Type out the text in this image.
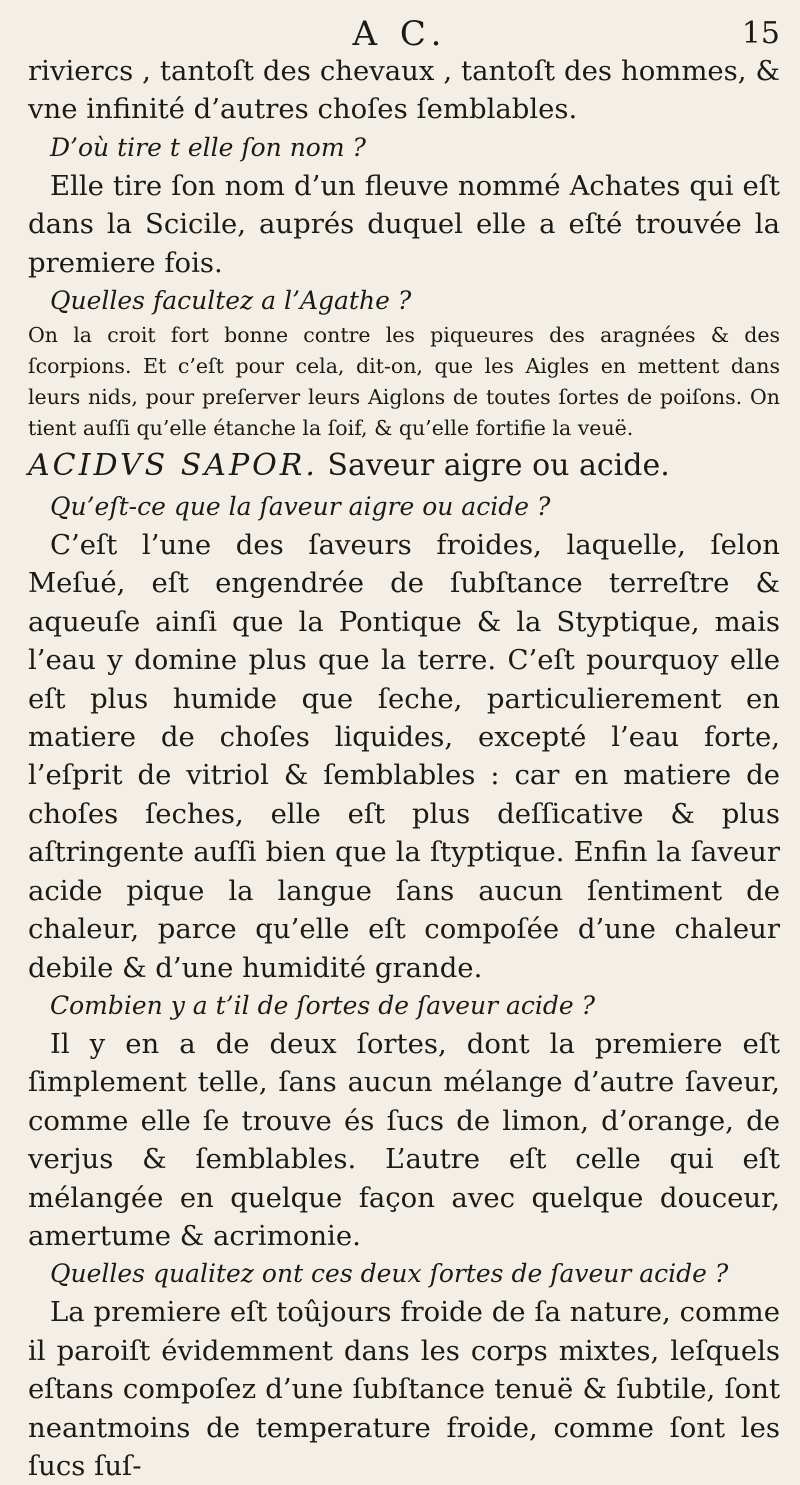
A C.	15

riviercs , tantoſt des chevaux , tantoſt des hommes, & vne infinité d’autres choſes ſemblables.

D’où tire t elle ſon nom ?

Elle tire ſon nom d’un fleuve nommé Achates qui eſt dans la Scicile, auprés duquel elle a eſté trouvée la premiere fois.

Quelles facultez a l’Agathe ?

On la croit fort bonne contre les piqueures des aragnées & des ſcorpions. Et c’eſt pour cela, dit-on, que les Aigles en mettent dans leurs nids, pour preſerver leurs Aiglons de toutes ſortes de poiſons. On tient auſſi qu’elle étanche la ſoif, & qu’elle fortifie la veuë.

ACIDVS SAPOR. Saveur aigre ou acide.

Qu’eſt-ce que la ſaveur aigre ou acide ?

C’eſt l’une des ſaveurs froides, laquelle, ſelon Meſué, eſt engendrée de ſubſtance terreſtre & aqueuſe ainſi que la Pontique & la Styptique, mais l’eau y domine plus que la terre. C’eſt pourquoy elle eſt plus humide que ſeche, particulierement en matiere de choſes liquides, excepté l’eau forte, l’eſprit de vitriol & ſemblables : car en matiere de choſes ſeches, elle eſt plus deſſicative & plus aſtringente auſſi bien que la ſtyptique. Enfin la ſaveur acide pique la langue ſans aucun ſentiment de chaleur, parce qu’elle eſt compoſée d’une chaleur debile & d’une humidité grande.

Combien y a t’il de ſortes de ſaveur acide ?

Il y en a de deux ſortes, dont la premiere eſt ſimplement telle, ſans aucun mélange d’autre ſaveur, comme elle ſe trouve és ſucs de limon, d’orange, de verjus & ſemblables. L’autre eſt celle qui eſt mélangée en quelque façon avec quelque douceur, amertume & acrimonie.

Quelles qualitez ont ces deux ſortes de ſaveur acide ?

La premiere eſt toûjours froide de ſa nature, comme il paroiſt évidemment dans les corps mixtes, leſquels eſtans compoſez d’une ſubſtance tenuë & ſubtile, ſont neantmoins de temperature froide, comme ſont les ſucs ſuſ-
